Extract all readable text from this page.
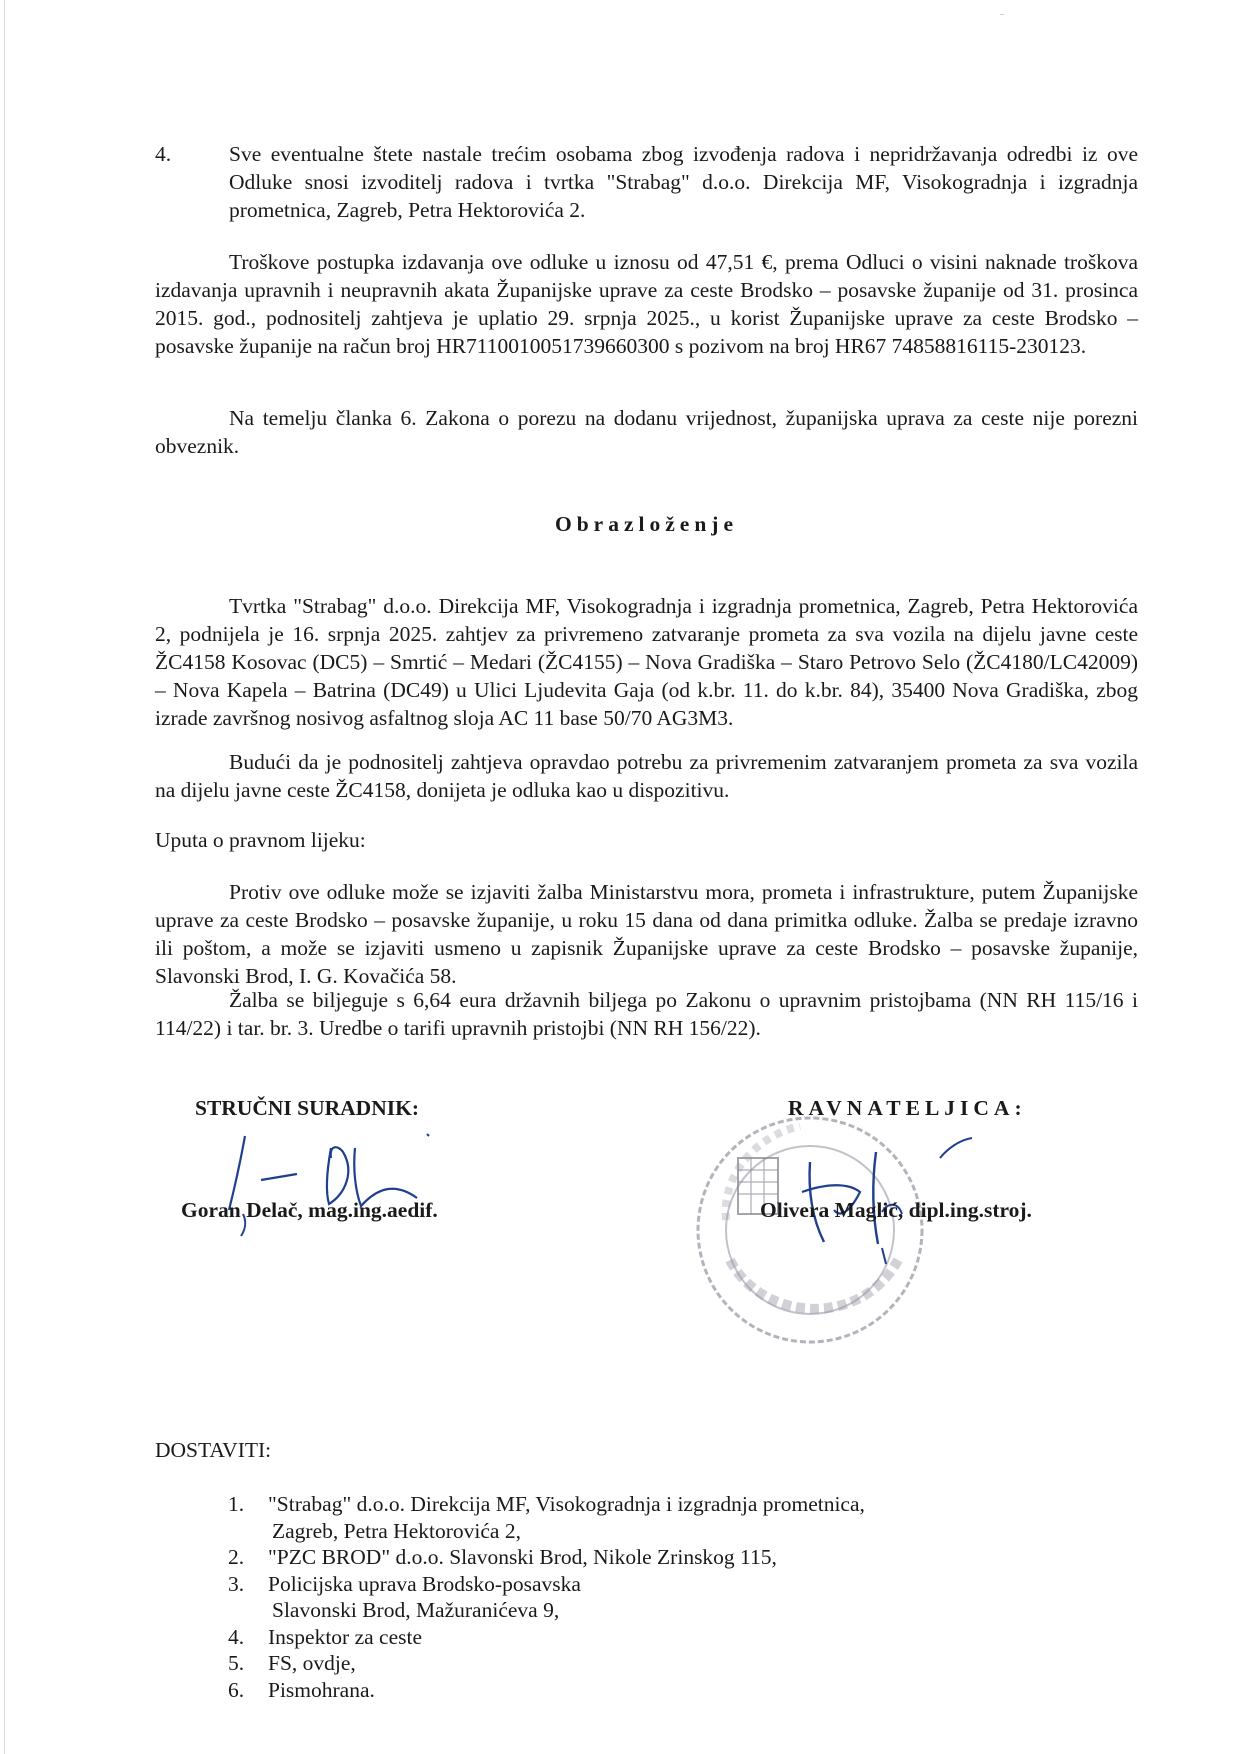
4.	Sve eventualne štete nastale trećim osobama zbog izvođenja radova i nepridržavanja odredbi iz ove Odluke snosi izvoditelj radova i tvrtka "Strabag" d.o.o. Direkcija MF, Visokogradnja i izgradnja prometnica, Zagreb, Petra Hektorovića 2.

Troškove postupka izdavanja ove odluke u iznosu od 47,51 €, prema Odluci o visini naknade troškova izdavanja upravnih i neupravnih akata Županijske uprave za ceste Brodsko – posavske županije od 31. prosinca 2015. god., podnositelj zahtjeva je uplatio 29. srpnja 2025., u korist Županijske uprave za ceste Brodsko – posavske županije na račun broj HR7110010051739660300 s pozivom na broj HR67 74858816115-230123.

Na temelju članka 6. Zakona o porezu na dodanu vrijednost, županijska uprava za ceste nije porezni obveznik.

Obrazloženje

Tvrtka "Strabag" d.o.o. Direkcija MF, Visokogradnja i izgradnja prometnica, Zagreb, Petra Hektorovića 2, podnijela je 16. srpnja 2025. zahtjev za privremeno zatvaranje prometa za sva vozila na dijelu javne ceste ŽC4158 Kosovac (DC5) – Smrtić – Medari (ŽC4155) – Nova Gradiška – Staro Petrovo Selo (ŽC4180/LC42009) – Nova Kapela – Batrina (DC49) u Ulici Ljudevita Gaja (od k.br. 11. do k.br. 84), 35400 Nova Gradiška, zbog izrade završnog nosivog asfaltnog sloja AC 11 base 50/70 AG3M3.

Budući da je podnositelj zahtjeva opravdao potrebu za privremenim zatvaranjem prometa za sva vozila na dijelu javne ceste ŽC4158, donijeta je odluka kao u dispozitivu.

Uputa o pravnom lijeku:

Protiv ove odluke može se izjaviti žalba Ministarstvu mora, prometa i infrastrukture, putem Županijske uprave za ceste Brodsko – posavske županije, u roku 15 dana od dana primitka odluke. Žalba se predaje izravno ili poštom, a može se izjaviti usmeno u zapisnik Županijske uprave za ceste Brodsko – posavske županije, Slavonski Brod, I. G. Kovačića 58.

Žalba se biljeguje s 6,64 eura državnih biljega po Zakonu o upravnim pristojbama (NN RH 115/16 i 114/22) i tar. br. 3. Uredbe o tarifi upravnih pristojbi (NN RH 156/22).

STRUČNI SURADNIK:

Goran Delač, mag.ing.aedif.

RAVNATELJICA:

Olivera Maglić, dipl.ing.stroj.

DOSTAVITI:

1. "Strabag" d.o.o. Direkcija MF, Visokogradnja i izgradnja prometnica,
Zagreb, Petra Hektorovića 2,
2. "PZC BROD" d.o.o. Slavonski Brod, Nikole Zrinskog 115,
3. Policijska uprava Brodsko-posavska
Slavonski Brod, Mažuranićeva 9,
4. Inspektor za ceste
5. FS, ovdje,
6. Pismohrana.
